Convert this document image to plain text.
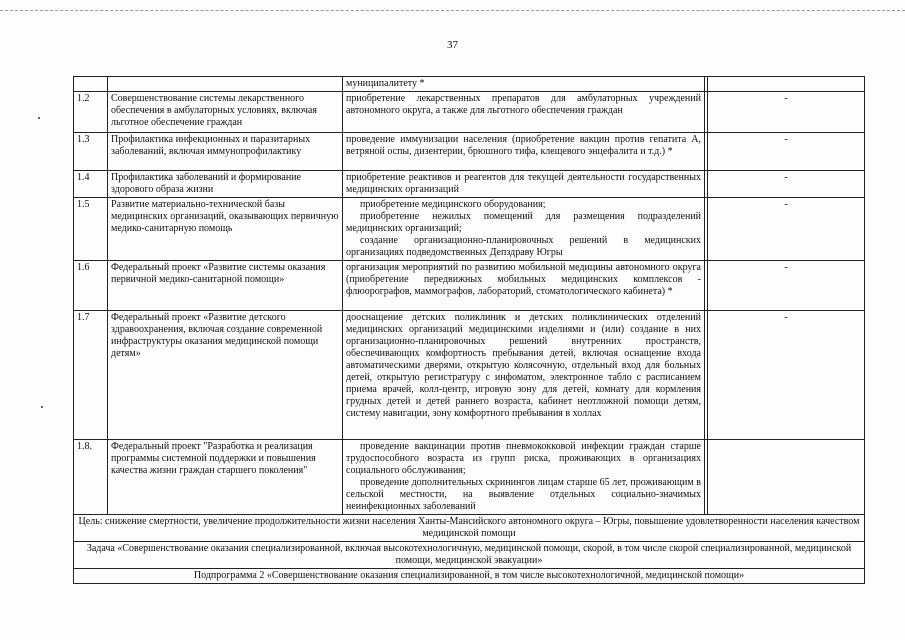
37
		муниципалитету *		
1.2	Совершенствование системы лекарственного обеспечения в амбулаторных условиях, включая льготное обеспечение граждан	приобретение лекарственных препаратов для амбулаторных учреждений автономного округа, а также для льготного обеспечения граждан		-
1.3	Профилактика инфекционных и паразитарных заболеваний, включая иммунопрофилактику	проведение иммунизации населения (приобретение вакцин против гепатита А, ветряной оспы, дизентерии, брюшного тифа, клещевого энцефалита и т.д.) *		-
1.4	Профилактика заболеваний и формирование здорового образа жизни	приобретение реактивов и реагентов для текущей деятельности государственных медицинских организаций		-
1.5	Развитие материально-технической базы медицинских организаций, оказывающих первичную медико-санитарную помощь	приобретение медицинского оборудования;
приобретение нежилых помещений для размещения подразделений медицинских организаций;
создание организационно-планировочных решений в медицинских организациях подведомственных Депздраву Югры		-
1.6	Федеральный проект «Развитие системы оказания первичной медико-санитарной помощи»	организация мероприятий по развитию мобильной медицины автономного округа (приобретение передвижных мобильных медицинских комплексов - флюорографов, маммографов, лабораторий, стоматологического кабинета) *		-
1.7	Федеральный проект «Развитие детского здравоохранения, включая создание современной инфраструктуры оказания медицинской помощи детям»	дооснащение детских поликлиник и детских поликлинических отделений медицинских организаций медицинскими изделиями и (или) создание в них организационно-планировочных решений внутренних пространств, обеспечивающих комфортность пребывания детей, включая оснащение входа автоматическими дверями, открытую колясочную, отдельный вход для больных детей, открытую регистратуру с инфоматом, электронное табло с расписанием приема врачей, колл-центр, игровую зону для детей, комнату для кормления грудных детей и детей раннего возраста, кабинет неотложной помощи детям, систему навигации, зону комфортного пребывания в холлах		-
1.8.	Федеральный проект "Разработка и реализация программы системной поддержки и повышения качества жизни граждан старшего поколения"	проведение вакцинации против пневмококковой инфекции граждан старше трудоспособного возраста из групп риска, проживающих в организациях социального обслуживания;
проведение дополнительных скринингов лицам старше 65 лет, проживающим в сельской местности, на выявление отдельных социально-значимых неинфекционных заболеваний		

Цель: снижение смертности, увеличение продолжительности жизни населения Ханты-Мансийского автономного округа – Югры, повышение удовлетворенности населения качеством медицинской помощи				
Задача «Совершенствование оказания специализированной, включая высокотехнологичную, медицинской помощи, скорой, в том числе скорой специализированной, медицинской помощи, медицинской эвакуации»				
Подпрограмма 2 «Совершенствование оказания специализированной, в том числе высокотехнологичной, медицинской помощи»				
